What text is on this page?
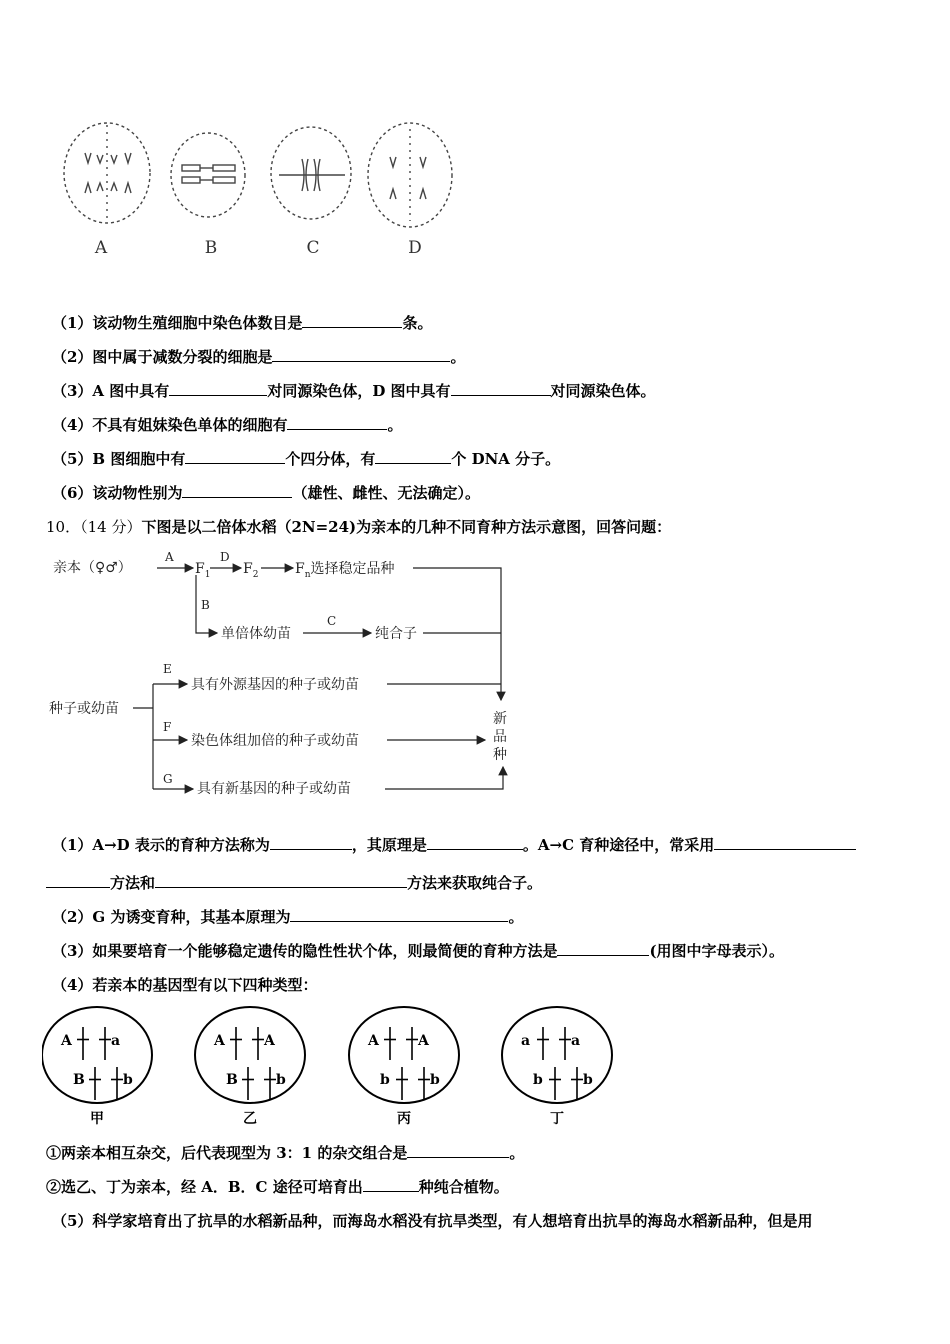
A	B	C	D
（1）该动物生殖细胞中染色体数目是	条。
（2）图中属于减数分裂的细胞是	。
（3）A 图中具有	对同源染色体，D 图中具有	对同源染色体。
（4）不具有姐妹染色单体的细胞有	。
（5）B 图细胞中有	个四分体，有	个 DNA 分子。
（6）该动物性别为	（雄性、雌性、无法确定）。
10．（14 分）下图是以二倍体水稻（2N=24)为亲本的几种不同育种方法示意图，回答问题：
亲本（♀♂）
A
$F_1$
D
$F_2$	$F_n$选择稳定品种
B
单倍体幼苗
C
纯合子
种子或幼苗
E
具有外源基因的种子或幼苗
F
染色体组加倍的种子或幼苗
G
具有新基因的种子或幼苗
新
品
种
（1）A→D 表示的育种方法称为	，其原理是	。A→C 育种途径中，常采用
方法和	方法来获取纯合子。
（2）G 为诱变育种，其基本原理为	。
（3）如果要培育一个能够稳定遗传的隐性性状个体，则最简便的育种方法是	(用图中字母表示）。
（4）若亲本的基因型有以下四种类型：
A	a
B	b
甲
A	A
B	b
乙
A	A
b	b
丙
a	a
b	b
丁
①两亲本相互杂交，后代表现型为 3：1 的杂交组合是	。
②选乙、丁为亲本，经 A．B．C 途径可培育出	种纯合植物。
（5）科学家培育出了抗旱的水稻新品种，而海岛水稻没有抗旱类型，有人想培育出抗旱的海岛水稻新品种，但是用
